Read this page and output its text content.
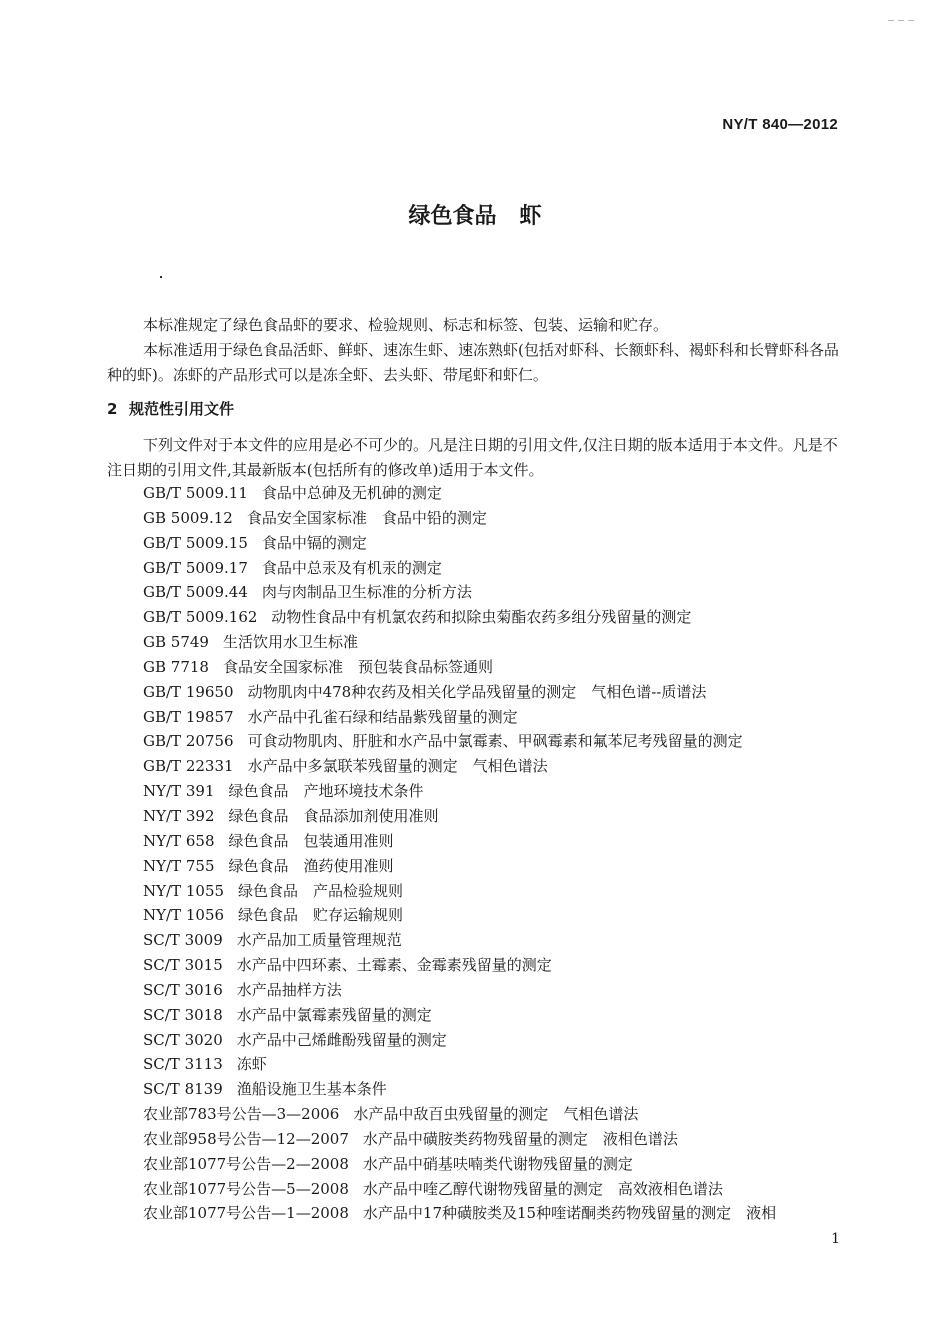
NY/T 840—2012
绿色食品 虾

本标准规定了绿色食品虾的要求、检验规则、标志和标签、包装、运输和贮存。

本标准适用于绿色食品活虾、鲜虾、速冻生虾、速冻熟虾(包括对虾科、长额虾科、褐虾科和长臂虾科各品种的虾)。冻虾的产品形式可以是冻全虾、去头虾、带尾虾和虾仁。

2 规范性引用文件

下列文件对于本文件的应用是必不可少的。凡是注日期的引用文件,仅注日期的版本适用于本文件。凡是不注日期的引用文件,其最新版本(包括所有的修改单)适用于本文件。

GB/T 5009.11 食品中总砷及无机砷的测定
GB 5009.12 食品安全国家标准　食品中铅的测定
GB/T 5009.15 食品中镉的测定
GB/T 5009.17 食品中总汞及有机汞的测定
GB/T 5009.44 肉与肉制品卫生标准的分析方法
GB/T 5009.162 动物性食品中有机氯农药和拟除虫菊酯农药多组分残留量的测定
GB 5749 生活饮用水卫生标准
GB 7718 食品安全国家标准　预包装食品标签通则
GB/T 19650 动物肌肉中478种农药及相关化学品残留量的测定　气相色谱--质谱法
GB/T 19857 水产品中孔雀石绿和结晶紫残留量的测定
GB/T 20756 可食动物肌肉、肝脏和水产品中氯霉素、甲砜霉素和氟苯尼考残留量的测定
GB/T 22331 水产品中多氯联苯残留量的测定　气相色谱法
NY/T 391 绿色食品　产地环境技术条件
NY/T 392 绿色食品　食品添加剂使用准则
NY/T 658 绿色食品　包装通用准则
NY/T 755 绿色食品　渔药使用准则
NY/T 1055 绿色食品　产品检验规则
NY/T 1056 绿色食品　贮存运输规则
SC/T 3009 水产品加工质量管理规范
SC/T 3015 水产品中四环素、土霉素、金霉素残留量的测定
SC/T 3016 水产品抽样方法
SC/T 3018 水产品中氯霉素残留量的测定
SC/T 3020 水产品中己烯雌酚残留量的测定
SC/T 3113 冻虾
SC/T 8139 渔船设施卫生基本条件
农业部783号公告—3—2006 水产品中敌百虫残留量的测定　气相色谱法
农业部958号公告—12—2007 水产品中磺胺类药物残留量的测定　液相色谱法
农业部1077号公告—2—2008 水产品中硝基呋喃类代谢物残留量的测定
农业部1077号公告—5—2008 水产品中喹乙醇代谢物残留量的测定　高效液相色谱法
农业部1077号公告—1—2008 水产品中17种磺胺类及15种喹诺酮类药物残留量的测定　液相
1
